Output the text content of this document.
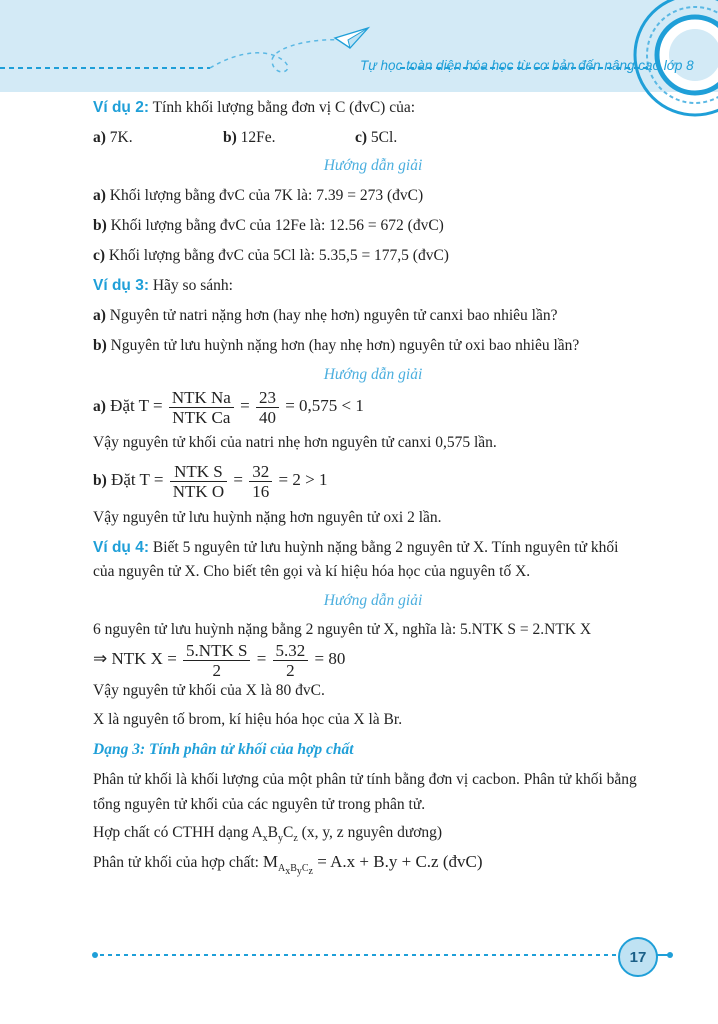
Tự học toàn diện hóa học từ cơ bản đến nâng cao lớp 8
Ví dụ 2: Tính khối lượng bằng đơn vị C (đvC) của:
a) 7K.	b) 12Fe.	c) 5Cl.
Hướng dẫn giải
a) Khối lượng bằng đvC của 7K là: 7.39 = 273 (đvC)
b) Khối lượng bằng đvC của 12Fe là: 12.56 = 672 (đvC)
c) Khối lượng bằng đvC của 5Cl là: 5.35,5 = 177,5 (đvC)
Ví dụ 3: Hãy so sánh:
a) Nguyên tử natri nặng hơn (hay nhẹ hơn) nguyên tử canxi bao nhiêu lần?
b) Nguyên tử lưu huỳnh nặng hơn (hay nhẹ hơn) nguyên tử oxi bao nhiêu lần?
Hướng dẫn giải
a) Đặt $T = \frac{\text{NTK Na}}{\text{NTK Ca}} = \frac{23}{40} = 0,575 < 1$
Vậy nguyên tử khối của natri nhẹ hơn nguyên tử canxi 0,575 lần.
b) Đặt $T = \frac{\text{NTK S}}{\text{NTK O}} = \frac{32}{16} = 2 > 1$
Vậy nguyên tử lưu huỳnh nặng hơn nguyên tử oxi 2 lần.
Ví dụ 4: Biết 5 nguyên tử lưu huỳnh nặng bằng 2 nguyên tử X. Tính nguyên tử khối
của nguyên tử X. Cho biết tên gọi và kí hiệu hóa học của nguyên tố X.
Hướng dẫn giải
6 nguyên tử lưu huỳnh nặng bằng 2 nguyên tử X, nghĩa là: 5.NTK S = 2.NTK X
⇒ NTK $X = \frac{\text{5.NTK S}}{2} = \frac{5.32}{2} = 80$
Vậy nguyên tử khối của X là 80 đvC.
X là nguyên tố brom, kí hiệu hóa học của X là Br.
Dạng 3: Tính phân tử khối của hợp chất
Phân tử khối là khối lượng của một phân tử tính bằng đơn vị cacbon. Phân tử khối bằng
tổng nguyên tử khối của các nguyên tử trong phân tử.
Hợp chất có CTHH dạng $A_xB_yC_z$ (x, y, z nguyên dương)
Phân tử khối của hợp chất: $M_{A_xB_yC_z} = A.x + B.y + C.z$ (đvC)
17
